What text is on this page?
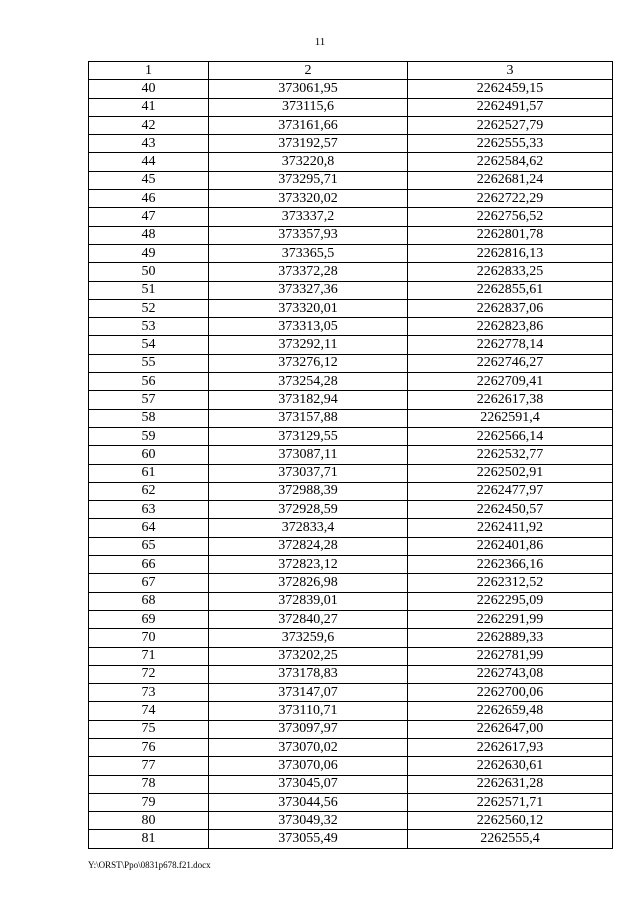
11
1	2	3
40	373061,95	2262459,15
41	373115,6	2262491,57
42	373161,66	2262527,79
43	373192,57	2262555,33
44	373220,8	2262584,62
45	373295,71	2262681,24
46	373320,02	2262722,29
47	373337,2	2262756,52
48	373357,93	2262801,78
49	373365,5	2262816,13
50	373372,28	2262833,25
51	373327,36	2262855,61
52	373320,01	2262837,06
53	373313,05	2262823,86
54	373292,11	2262778,14
55	373276,12	2262746,27
56	373254,28	2262709,41
57	373182,94	2262617,38
58	373157,88	2262591,4
59	373129,55	2262566,14
60	373087,11	2262532,77
61	373037,71	2262502,91
62	372988,39	2262477,97
63	372928,59	2262450,57
64	372833,4	2262411,92
65	372824,28	2262401,86
66	372823,12	2262366,16
67	372826,98	2262312,52
68	372839,01	2262295,09
69	372840,27	2262291,99
70	373259,6	2262889,33
71	373202,25	2262781,99
72	373178,83	2262743,08
73	373147,07	2262700,06
74	373110,71	2262659,48
75	373097,97	2262647,00
76	373070,02	2262617,93
77	373070,06	2262630,61
78	373045,07	2262631,28
79	373044,56	2262571,71
80	373049,32	2262560,12
81	373055,49	2262555,4
Y:\ORST\Ppo\0831p678.f21.docx
